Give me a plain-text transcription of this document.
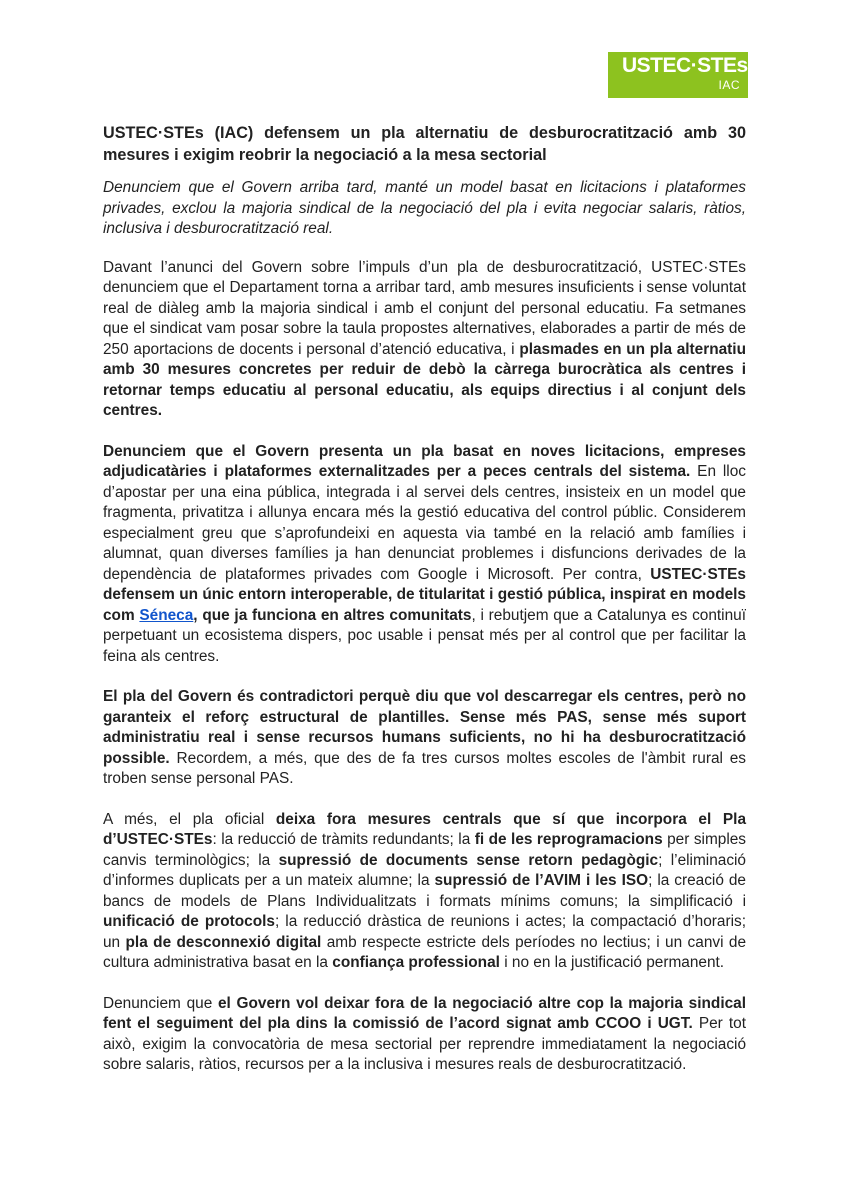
USTEC·STEs
IAC
USTEC·STEs (IAC) defensem un pla alternatiu de desburocratització amb 30 mesures i exigim reobrir la negociació a la mesa sectorial
Denunciem que el Govern arriba tard, manté un model basat en licitacions i plataformes privades, exclou la majoria sindical de la negociació del pla i evita negociar salaris, ràtios, inclusiva i desburocratització real.

Davant l’anunci del Govern sobre l’impuls d’un pla de desburocratització, USTEC·STEs denunciem que el Departament torna a arribar tard, amb mesures insuficients i sense voluntat real de diàleg amb la majoria sindical i amb el conjunt del personal educatiu. Fa setmanes que el sindicat vam posar sobre la taula propostes alternatives, elaborades a partir de més de 250 aportacions de docents i personal d’atenció educativa, i plasmades en un pla alternatiu amb 30 mesures concretes per reduir de debò la càrrega burocràtica als centres i retornar temps educatiu al personal educatiu, als equips directius i al conjunt dels centres.

Denunciem que el Govern presenta un pla basat en noves licitacions, empreses adjudicatàries i plataformes externalitzades per a peces centrals del sistema. En lloc d’apostar per una eina pública, integrada i al servei dels centres, insisteix en un model que fragmenta, privatitza i allunya encara més la gestió educativa del control públic. Considerem especialment greu que s’aprofundeixi en aquesta via també en la relació amb famílies i alumnat, quan diverses famílies ja han denunciat problemes i disfuncions derivades de la dependència de plataformes privades com Google i Microsoft. Per contra, USTEC·STEs defensem un únic entorn interoperable, de titularitat i gestió pública, inspirat en models com Séneca, que ja funciona en altres comunitats, i rebutjem que a Catalunya es continuï perpetuant un ecosistema dispers, poc usable i pensat més per al control que per facilitar la feina als centres.

El pla del Govern és contradictori perquè diu que vol descarregar els centres, però no garanteix el reforç estructural de plantilles. Sense més PAS, sense més suport administratiu real i sense recursos humans suficients, no hi ha desburocratització possible. Recordem, a més, que des de fa tres cursos moltes escoles de l'àmbit rural es troben sense personal PAS.

A més, el pla oficial deixa fora mesures centrals que sí que incorpora el Pla d’USTEC·STEs: la reducció de tràmits redundants; la fi de les reprogramacions per simples canvis terminològics; la supressió de documents sense retorn pedagògic; l’eliminació d’informes duplicats per a un mateix alumne; la supressió de l’AVIM i les ISO; la creació de bancs de models de Plans Individualitzats i formats mínims comuns; la simplificació i unificació de protocols; la reducció dràstica de reunions i actes; la compactació d’horaris; un pla de desconnexió digital amb respecte estricte dels períodes no lectius; i un canvi de cultura administrativa basat en la confiança professional i no en la justificació permanent.

Denunciem que el Govern vol deixar fora de la negociació altre cop la majoria sindical fent el seguiment del pla dins la comissió de l’acord signat amb CCOO i UGT. Per tot això, exigim la convocatòria de mesa sectorial per reprendre immediatament la negociació sobre salaris, ràtios, recursos per a la inclusiva i mesures reals de desburocratització.
